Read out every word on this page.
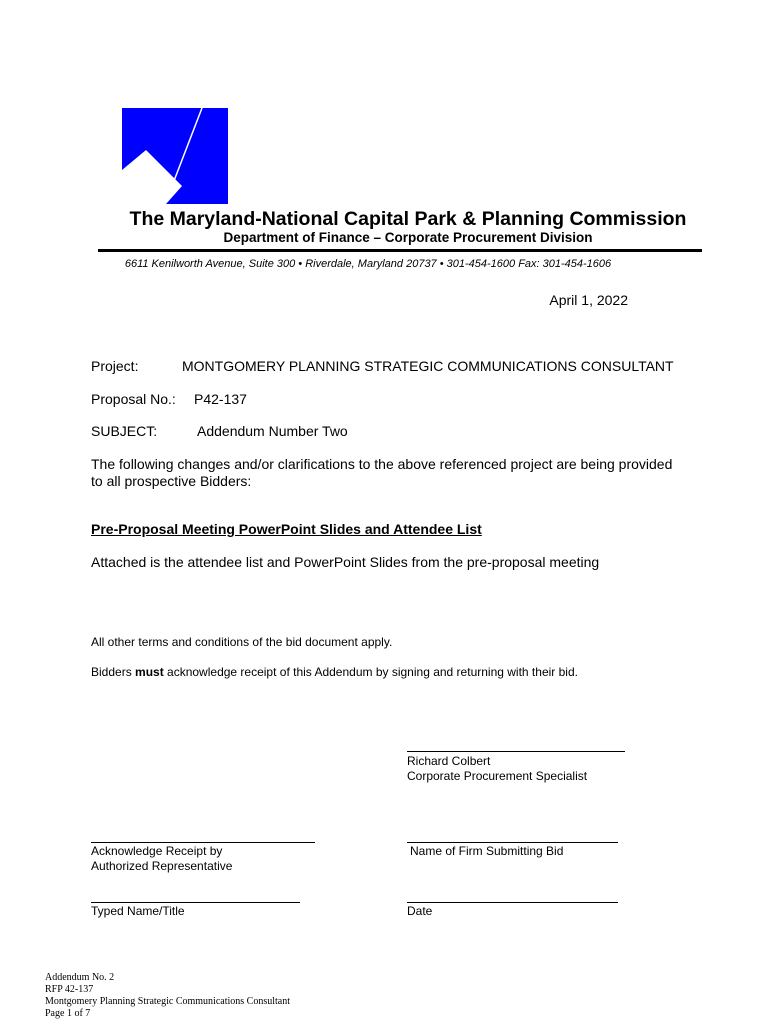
The Maryland-National Capital Park & Planning Commission
Department of Finance – Corporate Procurement Division
6611 Kenilworth Avenue, Suite 300 • Riverdale, Maryland 20737 • 301-454-1600 Fax: 301-454-1606
April 1, 2022
Project:	MONTGOMERY PLANNING STRATEGIC COMMUNICATIONS CONSULTANT
Proposal No.: P42-137
SUBJECT:	Addendum Number Two
The following changes and/or clarifications to the above referenced project are being provided
to all prospective Bidders:
Pre-Proposal Meeting PowerPoint Slides and Attendee List
Attached is the attendee list and PowerPoint Slides from the pre-proposal meeting
All other terms and conditions of the bid document apply.
Bidders must acknowledge receipt of this Addendum by signing and returning with their bid.
Richard Colbert
Corporate Procurement Specialist
Acknowledge Receipt by
Authorized Representative
Name of Firm Submitting Bid
Typed Name/Title	Date
Addendum No. 2
RFP 42-137
Montgomery Planning Strategic Communications Consultant
Page 1 of 7
